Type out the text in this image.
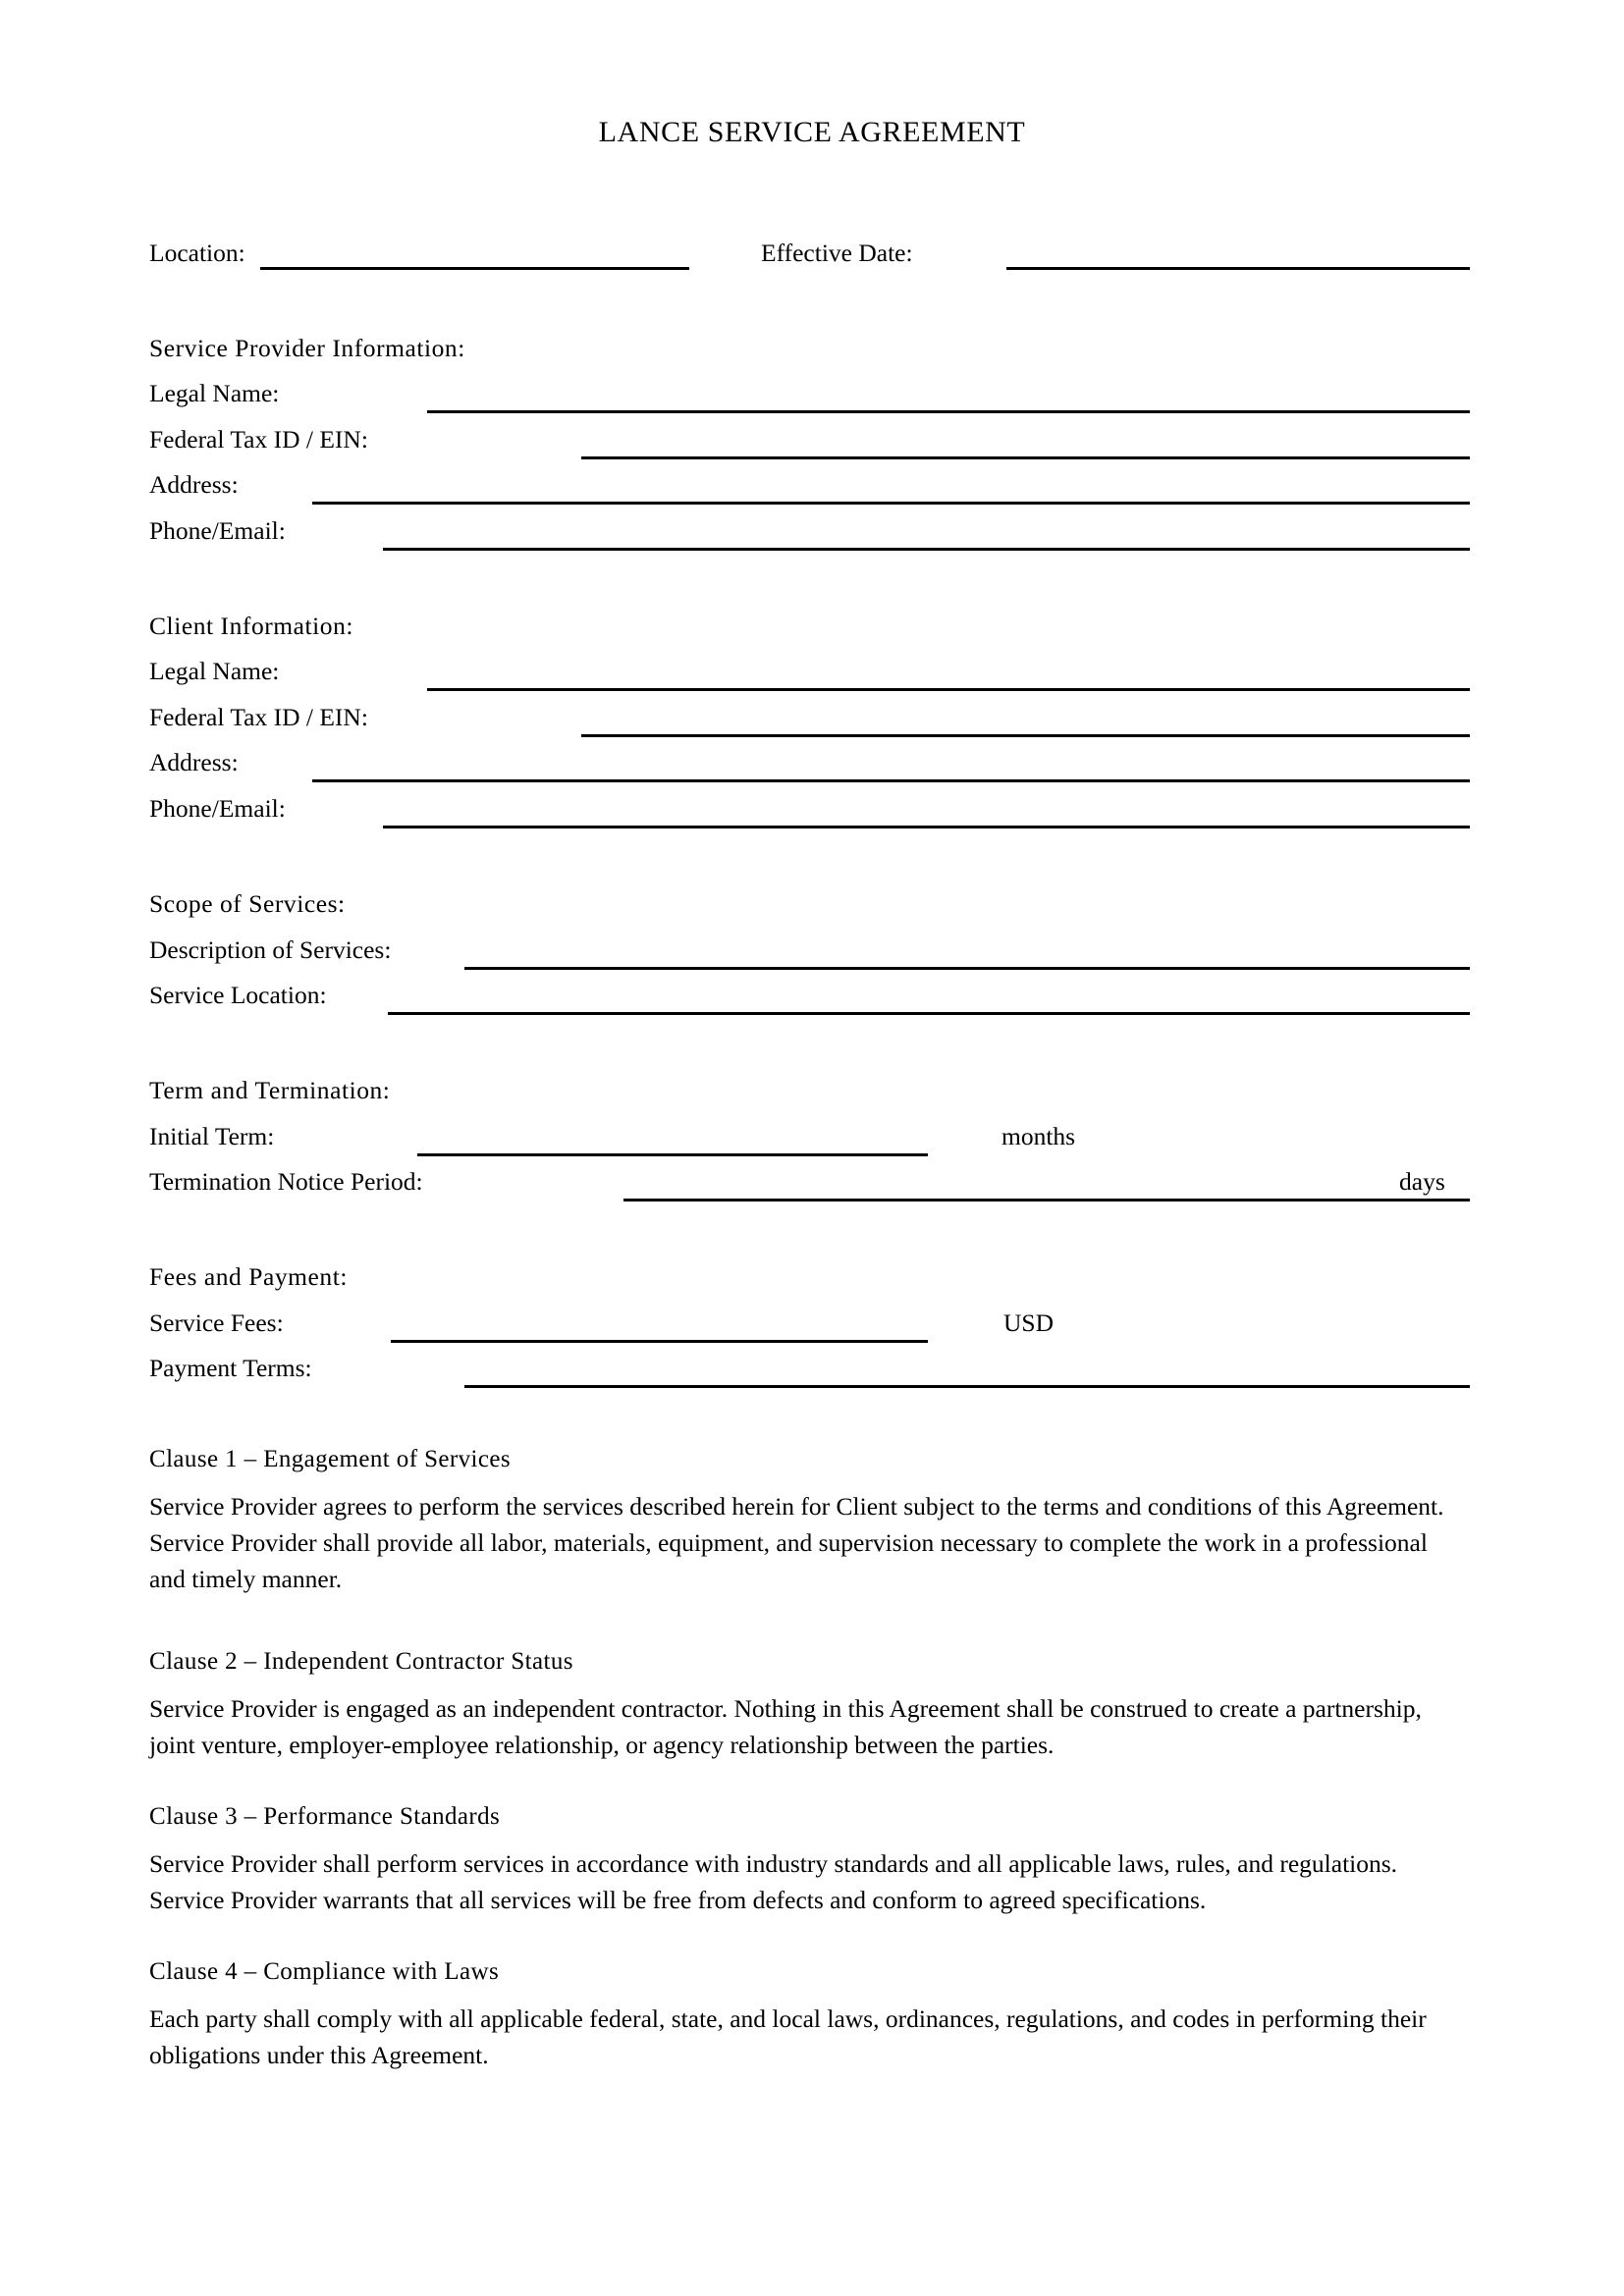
LANCE SERVICE AGREEMENT
Location:	Effective Date:
Service Provider Information:
Legal Name:
Federal Tax ID / EIN:
Address:
Phone/Email:
Client Information:
Legal Name:
Federal Tax ID / EIN:
Address:
Phone/Email:
Scope of Services:
Description of Services:
Service Location:
Term and Termination:
Initial Term:	months
Termination Notice Period:	days
Fees and Payment:
Service Fees:	USD
Payment Terms:
Clause 1 – Engagement of Services
Service Provider agrees to perform the services described herein for Client subject to the terms and conditions of this Agreement. Service Provider shall provide all labor, materials, equipment, and supervision necessary to complete the work in a professional and timely manner.
Clause 2 – Independent Contractor Status
Service Provider is engaged as an independent contractor. Nothing in this Agreement shall be construed to create a partnership, joint venture, employer-employee relationship, or agency relationship between the parties.
Clause 3 – Performance Standards
Service Provider shall perform services in accordance with industry standards and all applicable laws, rules, and regulations. Service Provider warrants that all services will be free from defects and conform to agreed specifications.
Clause 4 – Compliance with Laws
Each party shall comply with all applicable federal, state, and local laws, ordinances, regulations, and codes in performing their obligations under this Agreement.
